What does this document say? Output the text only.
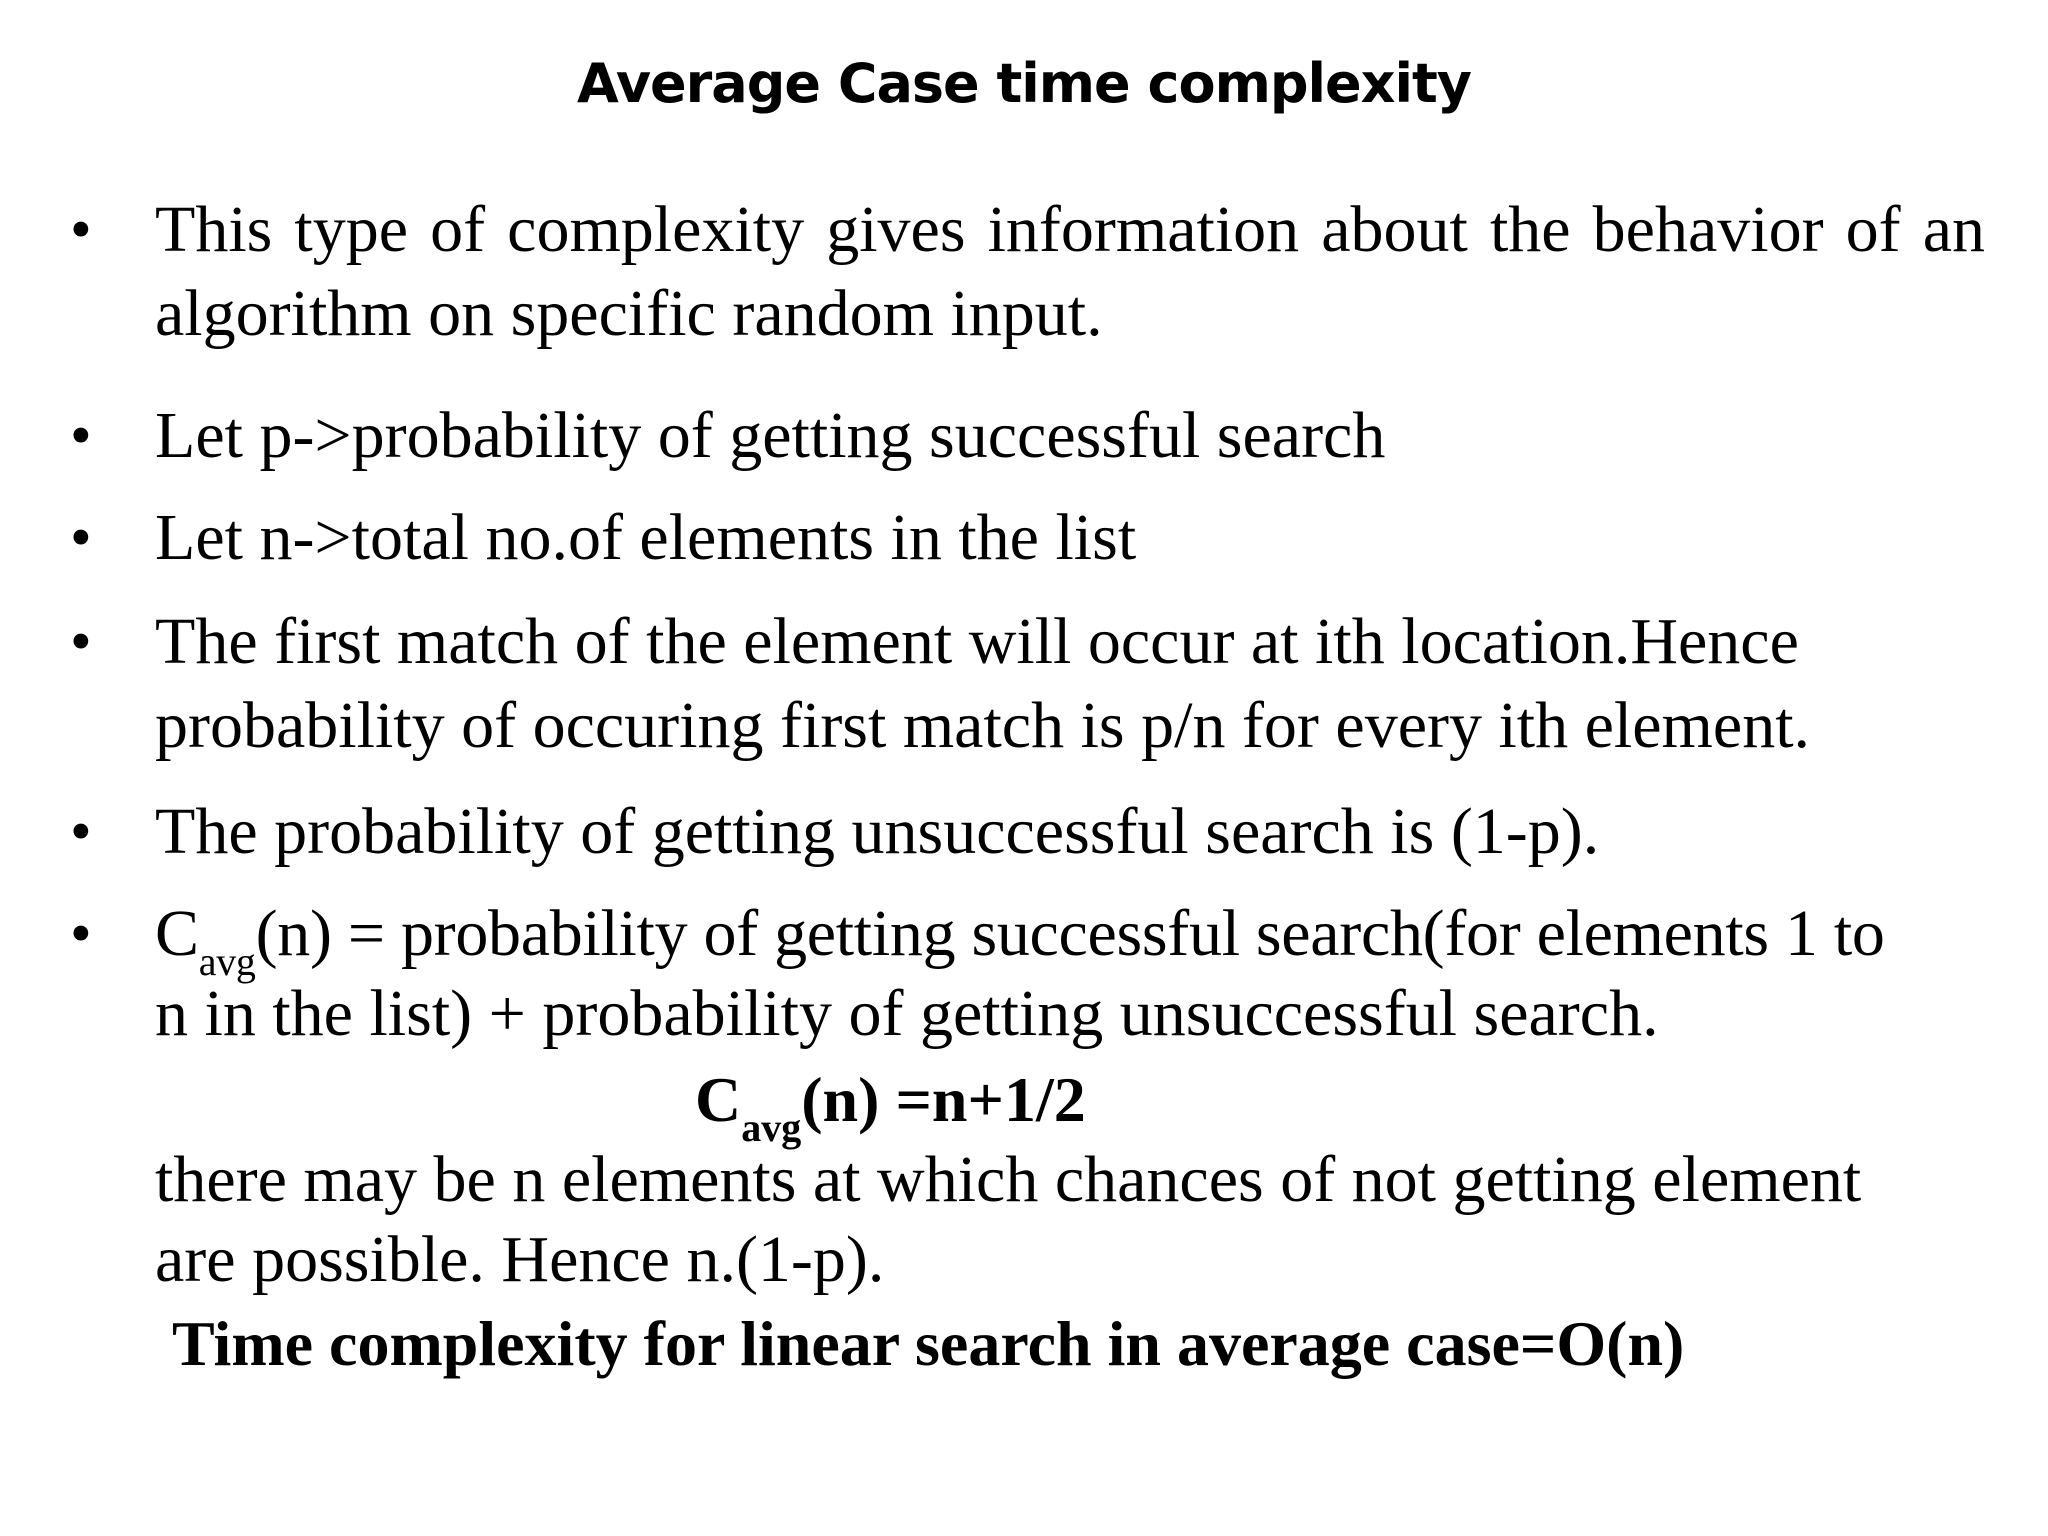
Average Case time complexity
• This type of complexity gives information about the behavior of an algorithm on specific random input.
• Let p->probability of getting successful search
• Let n->total no.of elements in the list
• The first match of the element will occur at ith location.Hence
probability of occuring first match is p/n for every ith element.
• The probability of getting unsuccessful search is (1-p).
• $C_{avg}(n)$ = probability of getting successful search(for elements 1 to
n in the list) + probability of getting unsuccessful search.
$C_{avg}(n) =n+1/2$
there may be n elements at which chances of not getting element
are possible. Hence n.(1-p).
Time complexity for linear search in average case=O(n)
